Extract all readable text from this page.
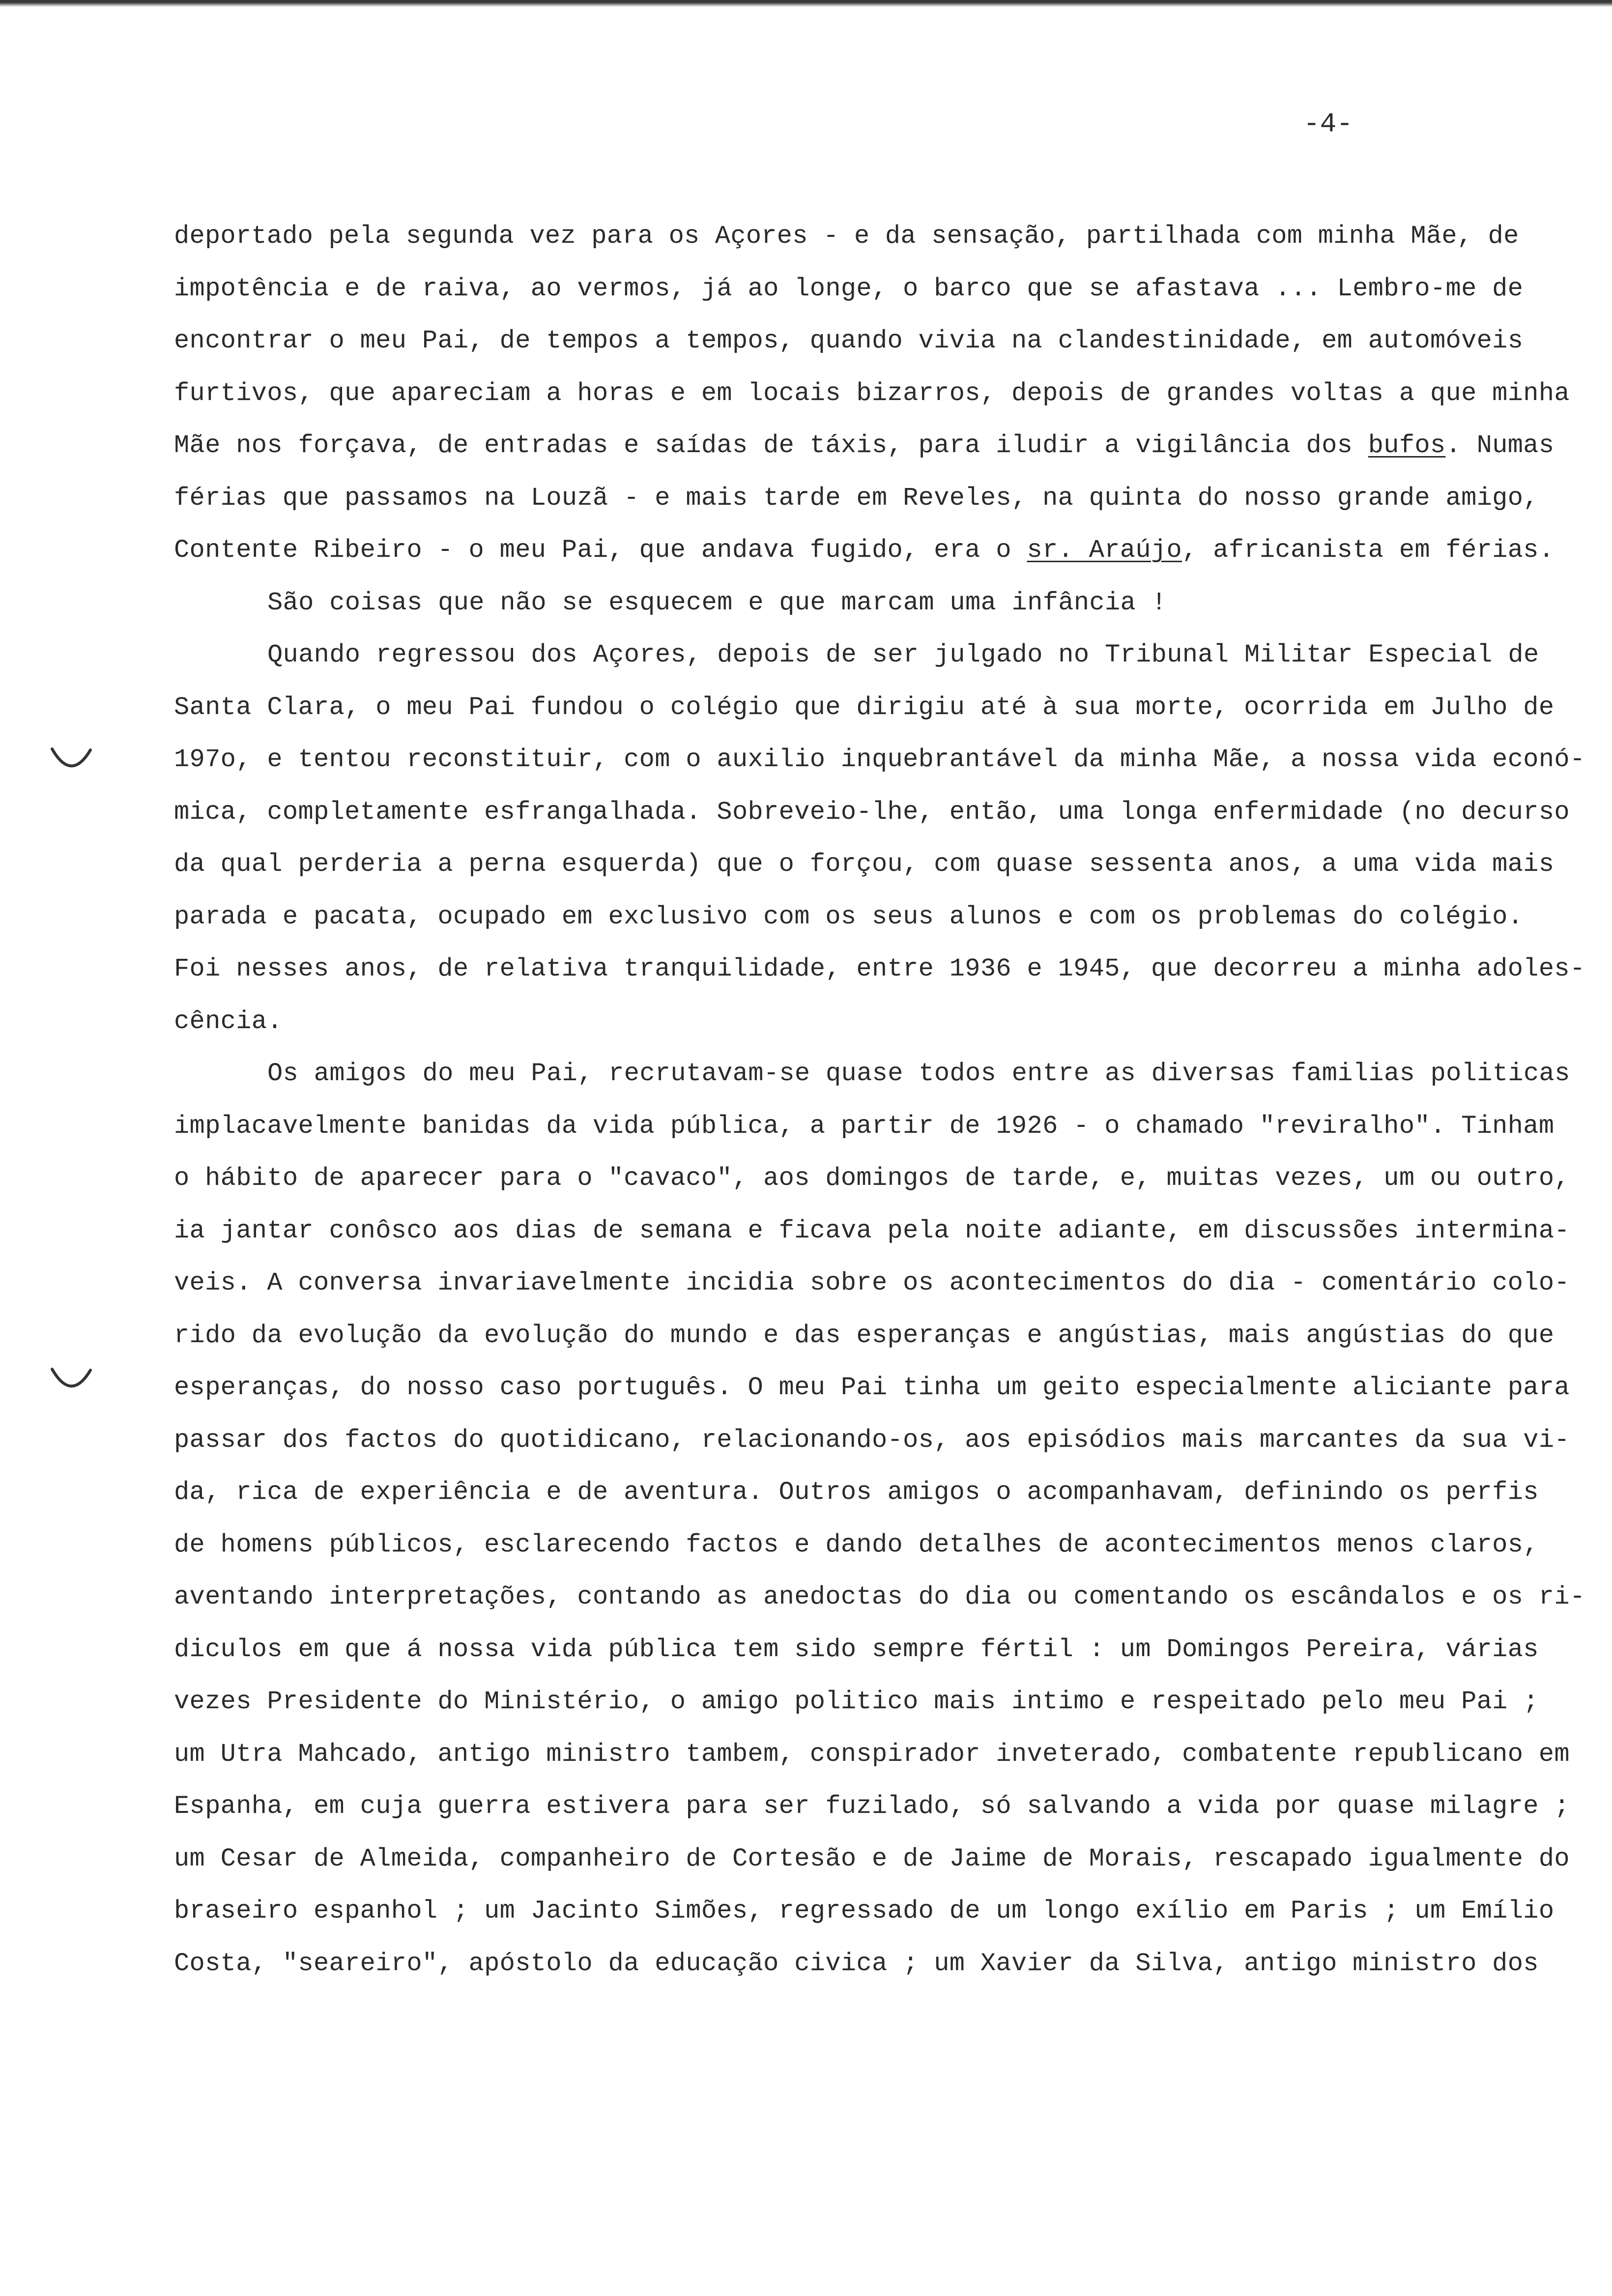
-4-
deportado pela segunda vez para os Açores - e da sensação, partilhada com minha Mãe, de
impotência e de raiva, ao vermos, já ao longe, o barco que se afastava ... Lembro-me de
encontrar o meu Pai, de tempos a tempos, quando vivia na clandestinidade, em automóveis
furtivos, que apareciam a horas e em locais bizarros, depois de grandes voltas a que minha
Mãe nos forçava, de entradas e saídas de táxis, para iludir a vigilância dos bufos. Numas
férias que passamos na Louzã - e mais tarde em Reveles, na quinta do nosso grande amigo,
Contente Ribeiro - o meu Pai, que andava fugido, era o sr. Araújo, africanista em férias.
São coisas que não se esquecem e que marcam uma infância !
Quando regressou dos Açores, depois de ser julgado no Tribunal Militar Especial de
Santa Clara, o meu Pai fundou o colégio que dirigiu até à sua morte, ocorrida em Julho de
197o, e tentou reconstituir, com o auxilio inquebrantável da minha Mãe, a nossa vida econó-
mica, completamente esfrangalhada. Sobreveio-lhe, então, uma longa enfermidade (no decurso
da qual perderia a perna esquerda) que o forçou, com quase sessenta anos, a uma vida mais
parada e pacata, ocupado em exclusivo com os seus alunos e com os problemas do colégio.
Foi nesses anos, de relativa tranquilidade, entre 1936 e 1945, que decorreu a minha adoles-
cência.
Os amigos do meu Pai, recrutavam-se quase todos entre as diversas familias politicas
implacavelmente banidas da vida pública, a partir de 1926 - o chamado "reviralho". Tinham
o hábito de aparecer para o "cavaco", aos domingos de tarde, e, muitas vezes, um ou outro,
ia jantar conôsco aos dias de semana e ficava pela noite adiante, em discussões intermina-
veis. A conversa invariavelmente incidia sobre os acontecimentos do dia - comentário colo-
rido da evolução da evolução do mundo e das esperanças e angústias, mais angústias do que
esperanças, do nosso caso português. O meu Pai tinha um geito especialmente aliciante para
passar dos factos do quotidicano, relacionando-os, aos episódios mais marcantes da sua vi-
da, rica de experiência e de aventura. Outros amigos o acompanhavam, definindo os perfis
de homens públicos, esclarecendo factos e dando detalhes de acontecimentos menos claros,
aventando interpretações, contando as anedoctas do dia ou comentando os escândalos e os ri-
diculos em que á nossa vida pública tem sido sempre fértil : um Domingos Pereira, várias
vezes Presidente do Ministério, o amigo politico mais intimo e respeitado pelo meu Pai ;
um Utra Mahcado, antigo ministro tambem, conspirador inveterado, combatente republicano em
Espanha, em cuja guerra estivera para ser fuzilado, só salvando a vida por quase milagre ;
um Cesar de Almeida, companheiro de Cortesão e de Jaime de Morais, rescapado igualmente do
braseiro espanhol ; um Jacinto Simões, regressado de um longo exílio em Paris ; um Emílio
Costa, "seareiro", apóstolo da educação civica ; um Xavier da Silva, antigo ministro dos
